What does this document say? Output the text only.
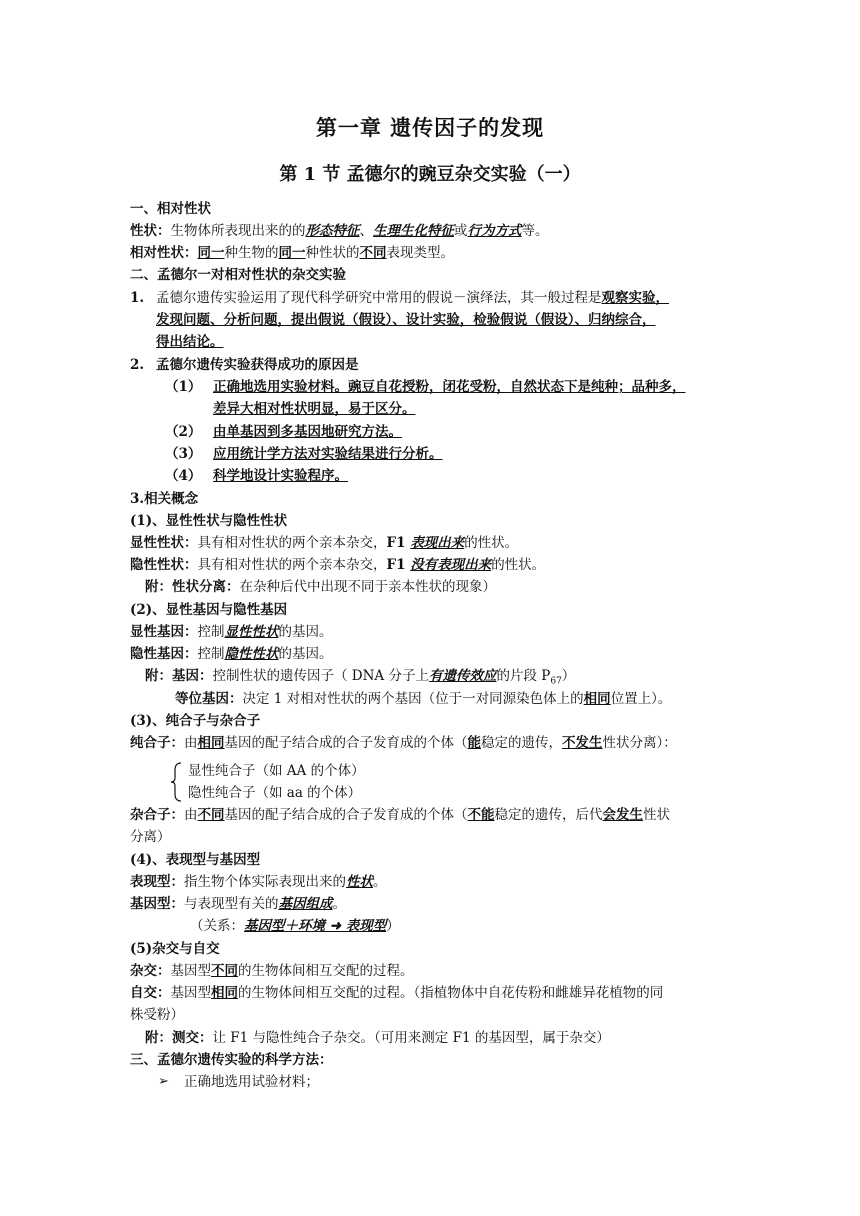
第一章 遗传因子的发现
第 1 节 孟德尔的豌豆杂交实验（一）
一、相对性状
性状：生物体所表现出来的的形态特征、生理生化特征或行为方式等。
相对性状：同一种生物的同一种性状的不同表现类型。
二、孟德尔一对相对性状的杂交实验
1. 孟德尔遗传实验运用了现代科学研究中常用的假说－演绎法，其一般过程是观察实验，
发现问题、分析问题，提出假说（假设）、设计实验，检验假说（假设）、归纳综合，
得出结论。
2. 孟德尔遗传实验获得成功的原因是
（1） 正确地选用实验材料。豌豆自花授粉，闭花受粉，自然状态下是纯种；品种多，
差异大相对性状明显，易于区分。
（2） 由单基因到多基因地研究方法。
（3） 应用统计学方法对实验结果进行分析。
（4） 科学地设计实验程序。
3.相关概念
(1)、显性性状与隐性性状
显性性状：具有相对性状的两个亲本杂交，F1 表现出来的性状。
隐性性状：具有相对性状的两个亲本杂交，F1 没有表现出来的性状。
附：性状分离：在杂种后代中出现不同于亲本性状的现象）
(2)、显性基因与隐性基因
显性基因：控制显性性状的基因。
隐性基因：控制隐性性状的基因。
附：基因：控制性状的遗传因子（ DNA 分子上有遗传效应的片段 $P_{67}$）
等位基因：决定 1 对相对性状的两个基因（位于一对同源染色体上的相同位置上）。
(3)、纯合子与杂合子
纯合子：由相同基因的配子结合成的合子发育成的个体（能稳定的遗传，不发生性状分离）：
显性纯合子（如 AA 的个体）
隐性纯合子（如 aa 的个体）
杂合子：由不同基因的配子结合成的合子发育成的个体（不能稳定的遗传，后代会发生性状
分离）
(4)、表现型与基因型
表现型：指生物个体实际表现出来的性状。
基因型：与表现型有关的基因组成。
（关系：基因型＋环境 ➜ 表现型）
(5)杂交与自交
杂交：基因型不同的生物体间相互交配的过程。
自交：基因型相同的生物体间相互交配的过程。（指植物体中自花传粉和雌雄异花植物的同
株受粉）
附：测交：让 F1 与隐性纯合子杂交。（可用来测定 F1 的基因型，属于杂交）
三、孟德尔遗传实验的科学方法：
➢ 正确地选用试验材料；
